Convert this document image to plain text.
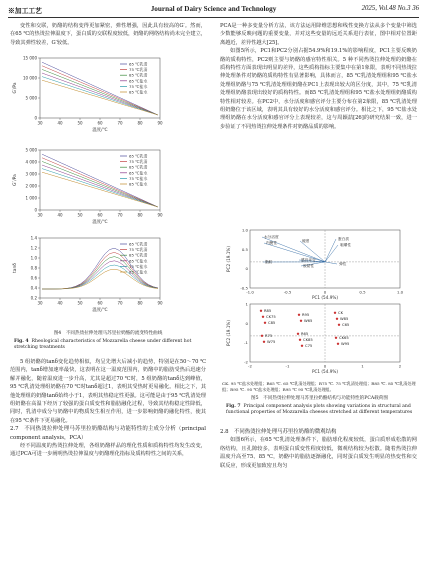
※加工工艺	Journal of Dairy Science and Technology	2025, Vol.48 No.3 36

变性和交联，奶酪的结构变得更加紧密，弹性增强，因此具有较高的G′。然而，在65 ℃的热烫拉伸温度下，蛋白质的交联程度较低，奶酪的网络结构尚未完全建立，导致其弹性较差，G′较低。

15 000
10 000
5 000
0
G′/Pa
30	40	50	60	70	80	90
温度/℃
65 ℃乳清
75 ℃乳清
85 ℃乳清
65 ℃盐水
75 ℃盐水
85 ℃盐水
5 000
4 000
3 000
2 000
1 000
0
G″/Pa
30	40	50	60	70	80	90
温度/℃
65 ℃乳清
75 ℃乳清
85 ℃乳清
65 ℃盐水
75 ℃盐水
85 ℃盐水
1.4
1.2
1.0
0.8
0.6
0.4
0.2
tanδ
30	40	50	60	70	80	90
温度/℃
65 ℃乳清
75 ℃乳清
85 ℃乳清
65 ℃盐水
75 ℃盐水
85 ℃盐水
图4　不同热烫拉伸处理马苏里拉奶酪的流变特性曲线
Fig. 4 Rheological characteristics of Mozzarella cheese under different hot stretching treatments

5 组奶酪的tanδ变化趋势相似，均呈先增大后减小的趋势，特别是在50～70 ℃范围内，tanδ增加速率最快，这表明在这一温度范围内，奶酪中的脂肪受热后迅速分解并融化，随着温度进一步升高，尤其是超过70 ℃时，5 组奶酪的tanδ达到峰值，95 ℃乳清处理组奶酪在70 ℃时tanδ超过1，表明其受热时更易融化。相比之下，其他处理组的奶酪tanδ始终小于1，表明其热稳定性更强。这可能是由于95 ℃乳清处理组奶酪在高温下经历了较强的蛋白质变性和脂肪融化过程，导致其结构稳定性降低，同时，乳清中成分与奶酪中的物质发生相互作用，进一步影响奶酪的融化特性，使其在95 ℃条件下更易融化。

2.7　不同热烫拉伸处理马苏里拉奶酪结构与功能特性的主成分分析（principal component analysis，PCA）

经不同温度的热烫拉伸处理，各组奶酪样品的理化性质和质构特性均发生改变，通过PCA可进一步阐明热烫拉伸温度与奶酪理化指标及质构特性之间的关系，

PCA是一种多变量分析方法，该方法运用降维思想和线性变换方法从多个变量中筛选少数能够反映问题的重要变量，并对这些变量的远近关系进行表征，图中相对位置距离越近，差异性越大[25]。

如图5所示，PC1和PC2分别占据54.9%和19.1%的影响程度，PC1主要反映奶酪的质构特性，PC2则主要与奶酪的感官特性相关。5 种不同热烫拉伸处理的奶酪在质构特性方面表现出明显的差异，这些质构指标主要集中在第1象限，表明不同热烫拉伸处理条件对奶酪的质构特性有显著影响，具体而言，85 ℃乳清处理组和95 ℃盐水处理组奶酪与75 ℃乳清处理组奶酪在PC1上表现出较大的区分度，其中，75 ℃乳清处理组奶酪表现出较好的质构特性。而85 ℃乳清处理组和95 ℃盐水处理组奶酪质构特性相对较差。在PC2中，水分活度和感官评分主要分布在第2象限，85 ℃乳清处理组奶酪位于该区域，表明其具有较好的水分活度和感官评分。相比之下，95 ℃盐水处理组奶酪在水分活度和感官评分上表现较差，这与周颖喆[26]的研究结果一致，进一步验证了不同热烫拉伸处理条件对奶酪品质的影响。

1.0
0.5
0
-0.5
-1.0	-0.5	0	0.5	1.0
PC1 (54.9%)
PC2 (19.1%)
水分活度
感官评分
蛋白质
脂肪
硬度
弹性
内聚性
胶黏性
咀嚼性
1
0
-1
-2
-2	-1	0	1	2
PC1 (54.9%)
PC2 (19.1%)
R85
R65
CK
R75
R95
CK65
CK75
CK85
W85
W75
W65
W95
C85
C75
C65
CK. 95 ℃盐水处理组；R65 ℃. 65 ℃乳清处理组；R75 ℃. 75 ℃乳清处理组；R85 ℃. 85 ℃乳清处理组；R95 ℃. 95 ℃盐水处理组；R95 ℃ 95 ℃乳清处理组。
图5　不同热烫拉伸处理马苏里拉奶酪结构与功能特性的PCA载荷图
Fig. 7 Principal component analysis plots showing variations in structural and functional properties of Mozzarella cheeses stretched at different temperatures
2.8　不同热烫拉伸处理马苏里拉奶酪的微观结构

如图6所示，在65 ℃乳清处理条件下，脂肪球化程度较低，蛋白质形成松散的网络结构，且孔隙较多，表明蛋白质变性程度较低，微观结构较为松散。随着热烫拉伸温度升高至75、85 ℃，奶酪中的脂肪逐渐融化，同时蛋白质发生明显的热变性和交联反应，形成更加致密且均匀
